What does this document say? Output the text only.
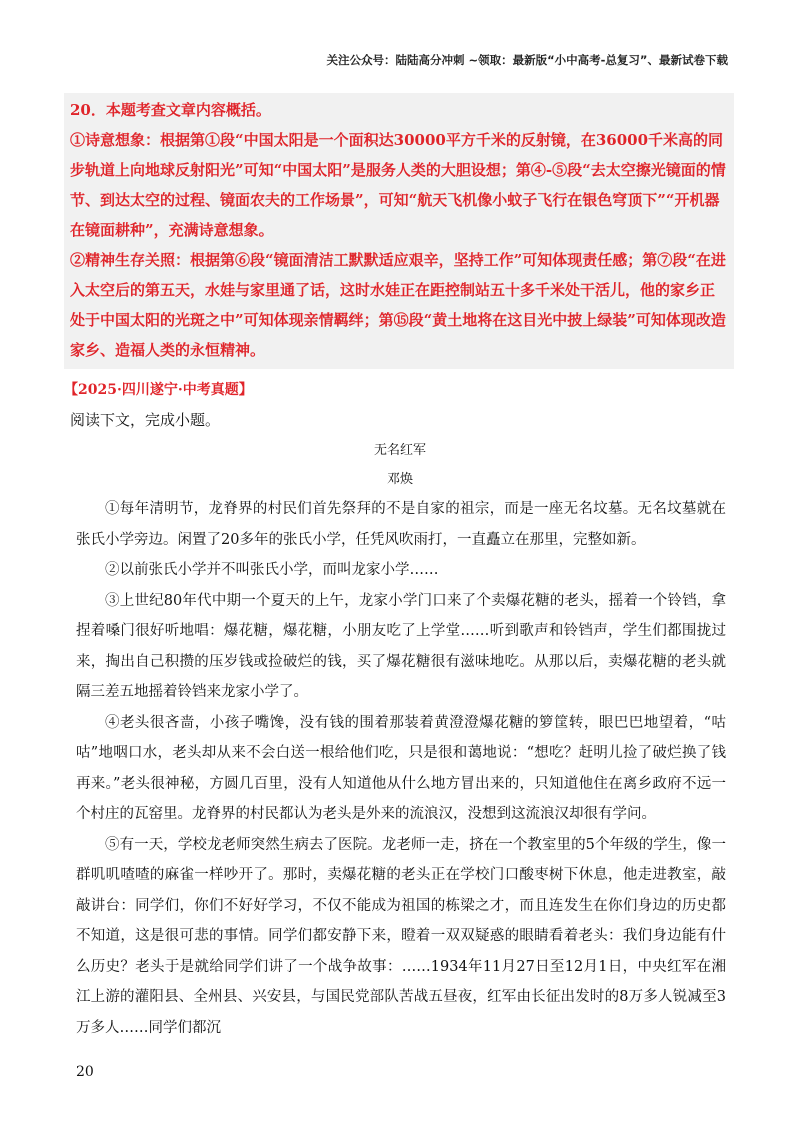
关注公众号：陆陆高分冲刺 ~领取：最新版“小中高考-总复习”、最新试卷下载

20．本题考查文章内容概括。

①诗意想象：根据第①段“中国太阳是一个面积达30000平方千米的反射镜，在36000千米高的同步轨道上向地球反射阳光”可知“中国太阳”是服务人类的大胆设想；第④-⑤段“去太空擦光镜面的情节、到达太空的过程、镜面农夫的工作场景”，可知“航天飞机像小蚊子飞行在银色穹顶下”“开机器在镜面耕种”，充满诗意想象。

②精神生存关照：根据第⑥段“镜面清洁工默默适应艰辛，坚持工作”可知体现责任感；第⑦段“在进入太空后的第五天，水娃与家里通了话，这时水娃正在距控制站五十多千米处干活儿，他的家乡正处于中国太阳的光斑之中”可知体现亲情羁绊；第⑮段“黄土地将在这目光中披上绿装”可知体现改造家乡、造福人类的永恒精神。

【2025·四川遂宁·中考真题】
阅读下文，完成小题。
无名红军
邓焕

①每年清明节，龙脊界的村民们首先祭拜的不是自家的祖宗，而是一座无名坟墓。无名坟墓就在张氏小学旁边。闲置了20多年的张氏小学，任凭风吹雨打，一直矗立在那里，完整如新。

②以前张氏小学并不叫张氏小学，而叫龙家小学……

③上世纪80年代中期一个夏天的上午，龙家小学门口来了个卖爆花糖的老头，摇着一个铃铛，拿捏着嗓门很好听地唱：爆花糖，爆花糖，小朋友吃了上学堂……听到歌声和铃铛声，学生们都围拢过来，掏出自己积攒的压岁钱或捡破烂的钱，买了爆花糖很有滋味地吃。从那以后，卖爆花糖的老头就隔三差五地摇着铃铛来龙家小学了。

④老头很吝啬，小孩子嘴馋，没有钱的围着那装着黄澄澄爆花糖的箩筐转，眼巴巴地望着，“咕咕”地咽口水，老头却从来不会白送一根给他们吃，只是很和蔼地说：“想吃？赶明儿捡了破烂换了钱再来。”老头很神秘，方圆几百里，没有人知道他从什么地方冒出来的，只知道他住在离乡政府不远一个村庄的瓦窑里。龙脊界的村民都认为老头是外来的流浪汉，没想到这流浪汉却很有学问。

⑤有一天，学校龙老师突然生病去了医院。龙老师一走，挤在一个教室里的5个年级的学生，像一群叽叽喳喳的麻雀一样吵开了。那时，卖爆花糖的老头正在学校门口酸枣树下休息，他走进教室，敲敲讲台：同学们，你们不好好学习，不仅不能成为祖国的栋梁之才，而且连发生在你们身边的历史都不知道，这是很可悲的事情。同学们都安静下来，瞪着一双双疑惑的眼睛看着老头：我们身边能有什么历史？老头于是就给同学们讲了一个战争故事：……1934年11月27日至12月1日，中央红军在湘江上游的灌阳县、全州县、兴安县，与国民党部队苦战五昼夜，红军由长征出发时的8万多人锐减至3万多人……同学们都沉

20
